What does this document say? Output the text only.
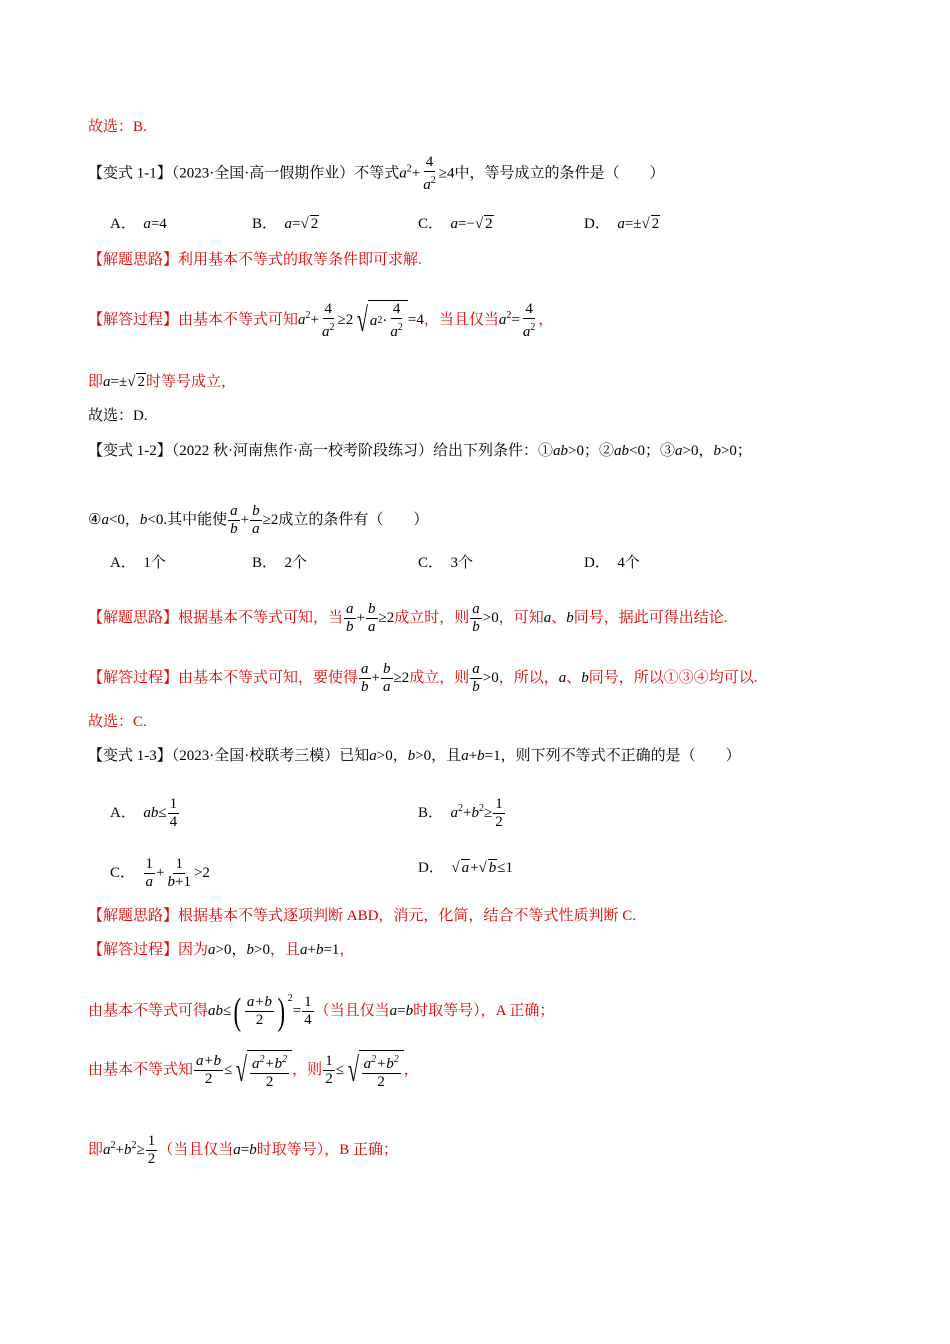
故选：B.
【变式 1-1】（2023·全国·高一假期作业）不等式$a^2+ \frac{4}{a^2} \ge 4$中，等号成立的条件是（　　）
A． a=4	B． a=√ 2	C． a=−√ 2	D． a=±√ 2
【解题思路】利用基本不等式的取等条件即可求解.
【解答过程】由基本不等式可知$a^2+ \frac{4}{a^2} \ge 2$ √ a $2 \cdot \frac{4}{a^2} =4$，当且仅当$a^2= \frac{4}{a^2}$ ，
即a=±√ 2时等号成立，
故选：D.
【变式 1-2】（2022 秋·河南焦作·高一校考阶段练习）给出下列条件：①ab>0；②ab<0；③a>0，b>0；
④a<0，b<0.其中能使 $\frac{a}{b} + \frac{b}{a} \ge 2$成立的条件有（　　）
A． 1个	B． 2个	C． 3个	D． 4个
【解题思路】根据基本不等式可知，当 $\frac{a}{b} + \frac{b}{a} \ge 2$成立时，则 $\frac{a}{b} >0$，可知a、b同号，据此可得出结论.
【解答过程】由基本不等式可知，要使得 $\frac{a}{b} + \frac{b}{a} \ge 2$成立，则 $\frac{a}{b} >0$，所以，a、b同号，所以①③④均可以.
故选：C.
【变式 1-3】（2023·全国·校联考三模）已知a>0，b>0，且a+b=1，则下列不等式不正确的是（　　）
A． $ab\le \frac{1}{4}$	B． $a^2+b^2\ge \frac{1}{2}$
C． $\frac{1}{a} + \frac{1}{b+1} >2$	D．  √ a+√ b≤1
【解题思路】根据基本不等式逐项判断 ABD，消元，化简，结合不等式性质判断 C.
【解答过程】因为a>0，b>0，且a+b=1，
由基本不等式可得$ab\le( \frac{a+b}{2}$ ) $^2= \frac{1}{4}$ （当且仅当a=b时取等号），A 正确；
由基本不等式知 $\frac{a+b}{2}$ ≤ √ $\frac{a^2+b^2}{2}$ ，则 $\frac{1}{2}$ ≤ √ $\frac{a^2+b^2}{2}$ ，
即$a^2+b^2\ge \frac{1}{2}$ （当且仅当a=b时取等号），B 正确；
